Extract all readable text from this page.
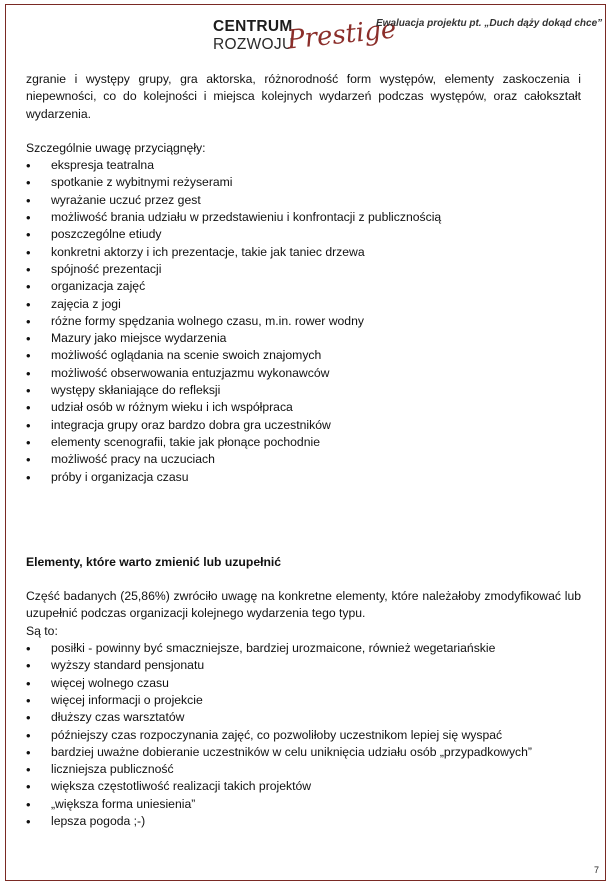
CENTRUM
ROZWOJU
Prestige
Ewaluacja projektu pt. „Duch dąży dokąd chce”

zgranie i występy grupy, gra aktorska, różnorodność form występów, elementy zaskoczenia i niepewności, co do kolejności i miejsca kolejnych wydarzeń podczas występów, oraz całokształt wydarzenia.

Szczególnie uwagę przyciągnęły:

• ekspresja teatralna
• spotkanie z wybitnymi reżyserami
• wyrażanie uczuć przez gest
• możliwość brania udziału w przedstawieniu i konfrontacji z publicznością
• poszczególne etiudy
• konkretni aktorzy i ich prezentacje, takie jak taniec drzewa
• spójność prezentacji
• organizacja zajęć
• zajęcia z jogi
• różne formy spędzania wolnego czasu, m.in. rower wodny
• Mazury jako miejsce wydarzenia
• możliwość oglądania na scenie swoich znajomych
• możliwość obserwowania entuzjazmu wykonawców
• występy skłaniające do refleksji
• udział osób w różnym wieku i ich współpraca
• integracja grupy oraz bardzo dobra gra uczestników
• elementy scenografii, takie jak płonące pochodnie
• możliwość pracy na uczuciach
• próby i organizacja czasu

Elementy, które warto zmienić lub uzupełnić

Część badanych (25,86%) zwróciło uwagę na konkretne elementy, które należałoby zmodyfikować lub uzupełnić podczas organizacji kolejnego wydarzenia tego typu.

Są to:

• posiłki - powinny być smaczniejsze, bardziej urozmaicone, również wegetariańskie
• wyższy standard pensjonatu
• więcej wolnego czasu
• więcej informacji o projekcie
• dłuższy czas warsztatów
• późniejszy czas rozpoczynania zajęć, co pozwoliłoby uczestnikom lepiej się wyspać
• bardziej uważne dobieranie uczestników w celu uniknięcia udziału osób „przypadkowych”
• liczniejsza publiczność
• większa częstotliwość realizacji takich projektów
• „większa forma uniesienia”
• lepsza pogoda ;-)
7
